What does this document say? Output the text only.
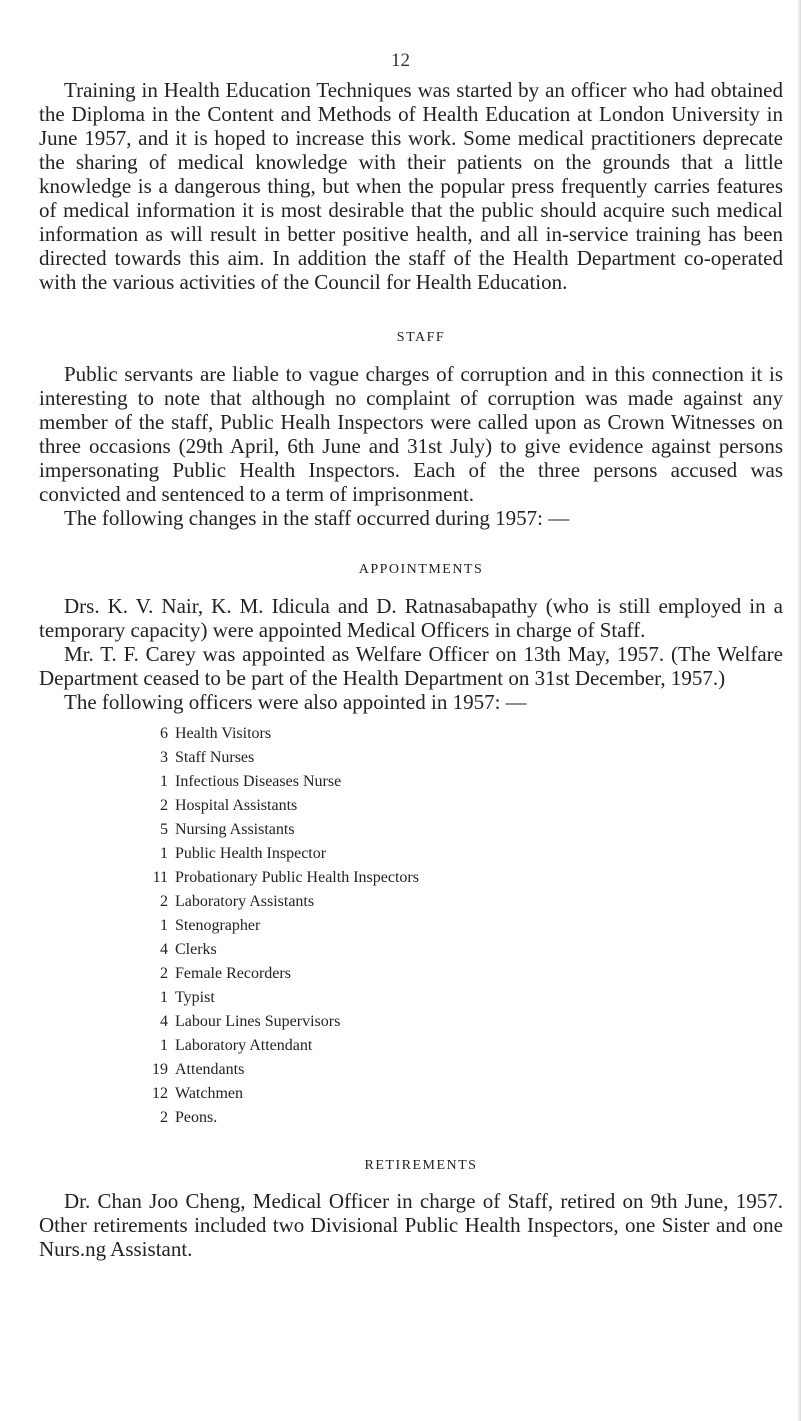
12

Training in Health Education Techniques was started by an officer who had obtained the Diploma in the Content and Methods of Health Education at London University in June 1957, and it is hoped to increase this work. Some medical practitioners deprecate the sharing of medical knowledge with their patients on the grounds that a little knowledge is a dangerous thing, but when the popular press frequently carries features of medical information it is most desirable that the public should acquire such medical information as will result in better positive health, and all in-service training has been directed towards this aim. In addition the staff of the Health Department co-operated with the various activities of the Council for Health Education.

STAFF

Public servants are liable to vague charges of corruption and in this connection it is interesting to note that although no complaint of corruption was made against any member of the staff, Public Healh Inspectors were called upon as Crown Witnesses on three occasions (29th April, 6th June and 31st July) to give evidence against persons impersonating Public Health Inspectors. Each of the three persons accused was convicted and sentenced to a term of imprisonment.

The following changes in the staff occurred during 1957: —

APPOINTMENTS

Drs. K. V. Nair, K. M. Idicula and D. Ratnasabapathy (who is still employed in a temporary capacity) were appointed Medical Officers in charge of Staff.

Mr. T. F. Carey was appointed as Welfare Officer on 13th May, 1957. (The Welfare Department ceased to be part of the Health Department on 31st December, 1957.)

The following officers were also appointed in 1957: —

6 Health Visitors
3 Staff Nurses
1 Infectious Diseases Nurse
2 Hospital Assistants
5 Nursing Assistants
1 Public Health Inspector
11 Probationary Public Health Inspectors
2 Laboratory Assistants
1 Stenographer
4 Clerks
2 Female Recorders
1 Typist
4 Labour Lines Supervisors
1 Laboratory Attendant
19 Attendants
12 Watchmen
2 Peons.
RETIREMENTS

Dr. Chan Joo Cheng, Medical Officer in charge of Staff, retired on 9th June, 1957. Other retirements included two Divisional Public Health Inspectors, one Sister and one Nurs.ng Assistant.
